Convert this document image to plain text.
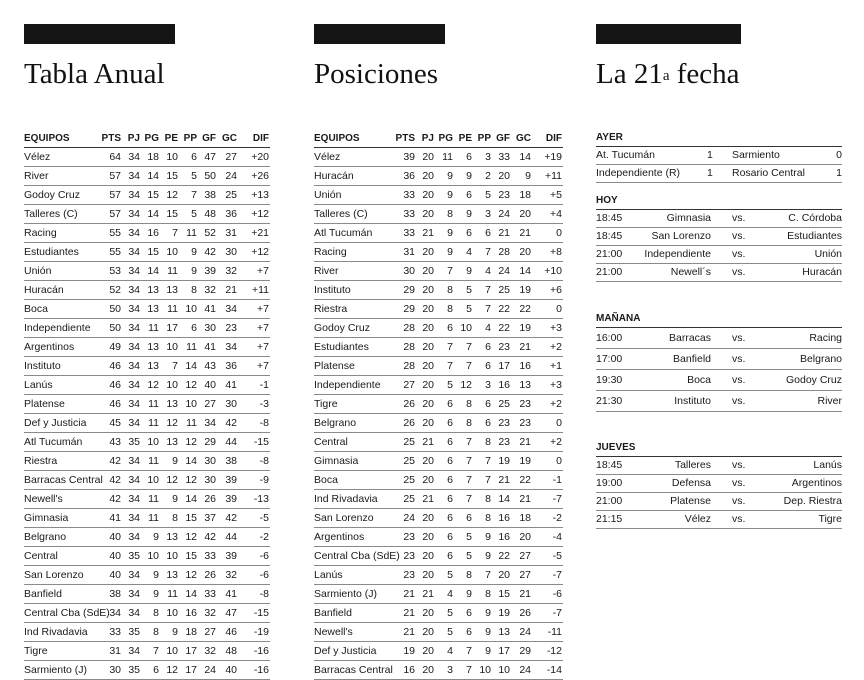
Tabla Anual
EQUIPOS	PTS	PJ	PG	PE	PP	GF	GC	DIF
Vélez	64	34	18	10	6	47	27	+20
River	57	34	14	15	5	50	24	+26
Godoy Cruz	57	34	15	12	7	38	25	+13
Talleres (C)	57	34	14	15	5	48	36	+12
Racing	55	34	16	7	11	52	31	+21
Estudiantes	55	34	15	10	9	42	30	+12
Unión	53	34	14	11	9	39	32	+7
Huracán	52	34	13	13	8	32	21	+11
Boca	50	34	13	11	10	41	34	+7
Independiente	50	34	11	17	6	30	23	+7
Argentinos	49	34	13	10	11	41	34	+7
Instituto	46	34	13	7	14	43	36	+7
Lanús	46	34	12	10	12	40	41	-1
Platense	46	34	11	13	10	27	30	-3
Def y Justicia	45	34	11	12	11	34	42	-8
Atl Tucumán	43	35	10	13	12	29	44	-15
Riestra	42	34	11	9	14	30	38	-8
Barracas Central	42	34	10	12	12	30	39	-9
Newell's	42	34	11	9	14	26	39	-13
Gimnasia	41	34	11	8	15	37	42	-5
Belgrano	40	34	9	13	12	42	44	-2
Central	40	35	10	10	15	33	39	-6
San Lorenzo	40	34	9	13	12	26	32	-6
Banfield	38	34	9	11	14	33	41	-8
Central Cba (SdE)	34	34	8	10	16	32	47	-15
Ind Rivadavia	33	35	8	9	18	27	46	-19
Tigre	31	34	7	10	17	32	48	-16
Sarmiento (J)	30	35	6	12	17	24	40	-16
Posiciones
EQUIPOS	PTS	PJ	PG	PE	PP	GF	GC	DIF
Vélez	39	20	11	6	3	33	14	+19
Huracán	36	20	9	9	2	20	9	+11
Unión	33	20	9	6	5	23	18	+5
Talleres (C)	33	20	8	9	3	24	20	+4
Atl Tucumán	33	21	9	6	6	21	21	0
Racing	31	20	9	4	7	28	20	+8
River	30	20	7	9	4	24	14	+10
Instituto	29	20	8	5	7	25	19	+6
Riestra	29	20	8	5	7	22	22	0
Godoy Cruz	28	20	6	10	4	22	19	+3
Estudiantes	28	20	7	7	6	23	21	+2
Platense	28	20	7	7	6	17	16	+1
Independiente	27	20	5	12	3	16	13	+3
Tigre	26	20	6	8	6	25	23	+2
Belgrano	26	20	6	8	6	23	23	0
Central	25	21	6	7	8	23	21	+2
Gimnasia	25	20	6	7	7	19	19	0
Boca	25	20	6	7	7	21	22	-1
Ind Rivadavia	25	21	6	7	8	14	21	-7
San Lorenzo	24	20	6	6	8	16	18	-2
Argentinos	23	20	6	5	9	16	20	-4
Central Cba (SdE)	23	20	6	5	9	22	27	-5
Lanús	23	20	5	8	7	20	27	-7
Sarmiento (J)	21	21	4	9	8	15	21	-6
Banfield	21	20	5	6	9	19	26	-7
Newell's	21	20	5	6	9	13	24	-11
Def y Justicia	19	20	4	7	9	17	29	-12
Barracas Central	16	20	3	7	10	10	24	-14
La 21$^a$ fecha
AYER
At. Tucumán	1 Sarmiento	0
Independiente (R)	1 Rosario Central	1
HOY
18:45	Gimnasia vs.	C. Córdoba
18:45	San Lorenzo vs.	Estudiantes
21:00 Independiente vs.	Unión
21:00	Newell´s vs.	Huracán
MAÑANA
16:00	Barracas vs.	Racing
17:00	Banfield vs.	Belgrano
19:30	Boca vs.	Godoy Cruz
21:30	Instituto vs.	River
JUEVES
18:45	Talleres vs.	Lanús
19:00	Defensa vs.	Argentinos
21:00	Platense vs.	Dep. Riestra
21:15	Vélez vs.	Tigre
